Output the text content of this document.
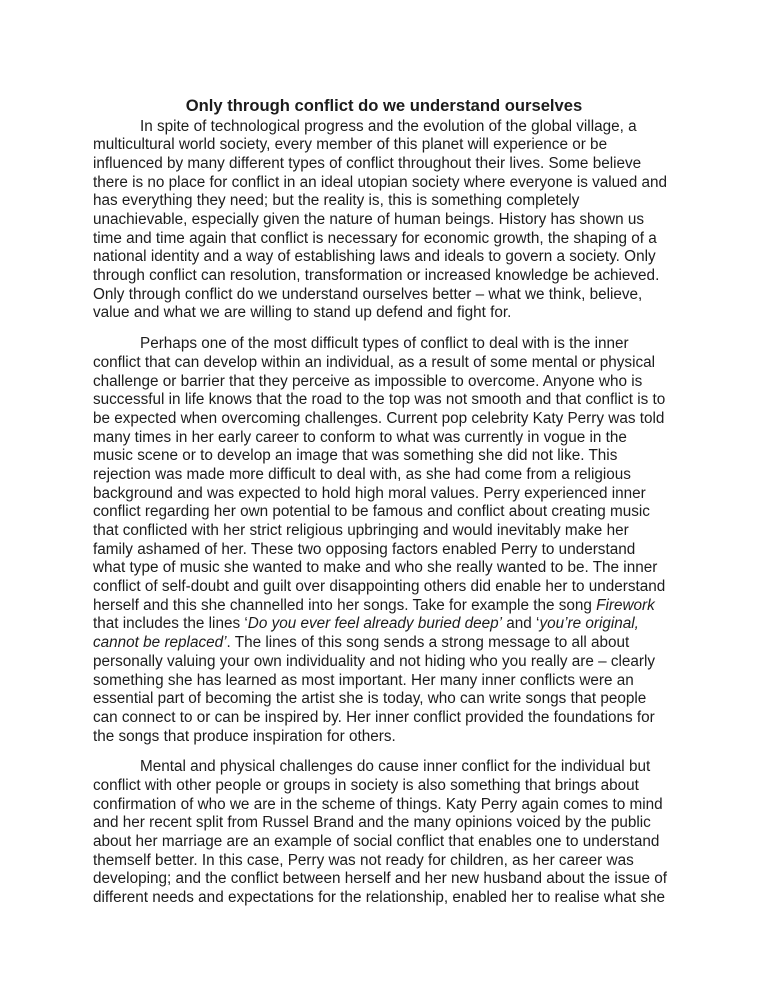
Only through conflict do we understand ourselves
In spite of technological progress and the evolution of the global village, a
multicultural world society, every member of this planet will experience or be
influenced by many different types of conflict throughout their lives. Some believe
there is no place for conflict in an ideal utopian society where everyone is valued and
has everything they need; but the reality is, this is something completely
unachievable, especially given the nature of human beings. History has shown us
time and time again that conflict is necessary for economic growth, the shaping of a
national identity and a way of establishing laws and ideals to govern a society. Only
through conflict can resolution, transformation or increased knowledge be achieved.
Only through conflict do we understand ourselves better – what we think, believe,
value and what we are willing to stand up defend and fight for.
Perhaps one of the most difficult types of conflict to deal with is the inner
conflict that can develop within an individual, as a result of some mental or physical
challenge or barrier that they perceive as impossible to overcome. Anyone who is
successful in life knows that the road to the top was not smooth and that conflict is to
be expected when overcoming challenges. Current pop celebrity Katy Perry was told
many times in her early career to conform to what was currently in vogue in the
music scene or to develop an image that was something she did not like. This
rejection was made more difficult to deal with, as she had come from a religious
background and was expected to hold high moral values. Perry experienced inner
conflict regarding her own potential to be famous and conflict about creating music
that conflicted with her strict religious upbringing and would inevitably make her
family ashamed of her. These two opposing factors enabled Perry to understand
what type of music she wanted to make and who she really wanted to be. The inner
conflict of self-doubt and guilt over disappointing others did enable her to understand
herself and this she channelled into her songs. Take for example the song Firework
that includes the lines ‘Do you ever feel already buried deep’ and ‘you’re original,
cannot be replaced’. The lines of this song sends a strong message to all about
personally valuing your own individuality and not hiding who you really are – clearly
something she has learned as most important. Her many inner conflicts were an
essential part of becoming the artist she is today, who can write songs that people
can connect to or can be inspired by. Her inner conflict provided the foundations for
the songs that produce inspiration for others.
Mental and physical challenges do cause inner conflict for the individual but
conflict with other people or groups in society is also something that brings about
confirmation of who we are in the scheme of things. Katy Perry again comes to mind
and her recent split from Russel Brand and the many opinions voiced by the public
about her marriage are an example of social conflict that enables one to understand
themself better. In this case, Perry was not ready for children, as her career was
developing; and the conflict between herself and her new husband about the issue of
different needs and expectations for the relationship, enabled her to realise what she
